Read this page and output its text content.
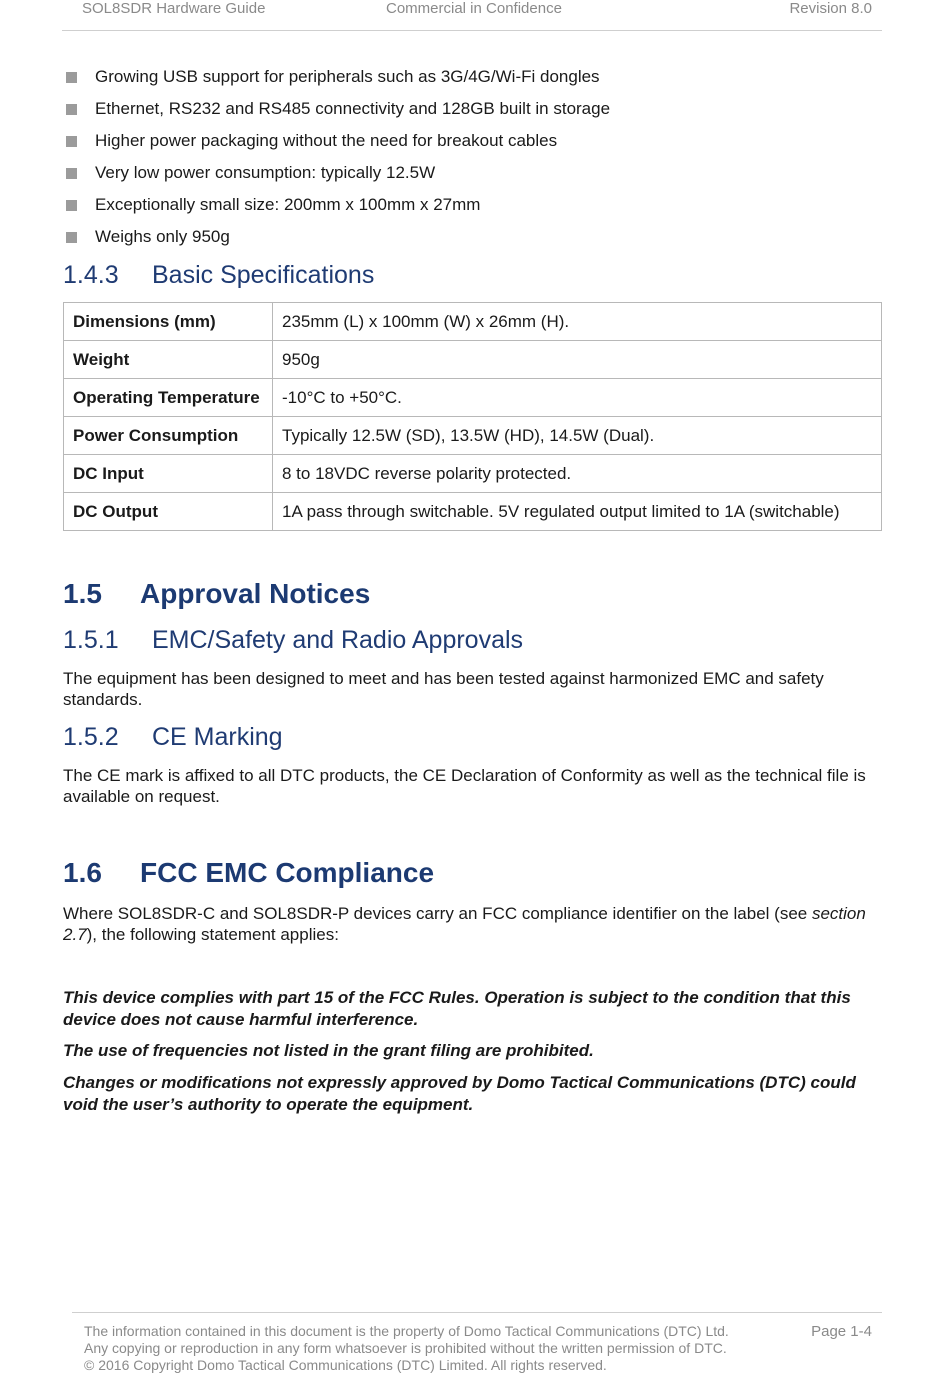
SOL8SDR Hardware Guide	Commercial in Confidence	Revision 8.0
Growing USB support for peripherals such as 3G/4G/Wi-Fi dongles
Ethernet, RS232 and RS485 connectivity and 128GB built in storage
Higher power packaging without the need for breakout cables
Very low power consumption: typically 12.5W
Exceptionally small size: 200mm x 100mm x 27mm
Weighs only 950g
1.4.3 Basic Specifications
Dimensions (mm)	235mm (L) x 100mm (W) x 26mm (H).
Weight	950g
Operating Temperature	-10°C to +50°C.
Power Consumption	Typically 12.5W (SD), 13.5W (HD), 14.5W (Dual).
DC Input	8 to 18VDC reverse polarity protected.
DC Output	1A pass through switchable. 5V regulated output limited to 1A (switchable)
1.5 Approval Notices
1.5.1 EMC/Safety and Radio Approvals

The equipment has been designed to meet and has been tested against harmonized EMC and safety standards.

1.5.2 CE Marking

The CE mark is affixed to all DTC products, the CE Declaration of Conformity as well as the technical file is available on request.

1.6 FCC EMC Compliance

Where SOL8SDR-C and SOL8SDR-P devices carry an FCC compliance identifier on the label (see section 2.7), the following statement applies:

This device complies with part 15 of the FCC Rules. Operation is subject to the condition that this device does not cause harmful interference.

The use of frequencies not listed in the grant filing are prohibited.

Changes or modifications not expressly approved by Domo Tactical Communications (DTC) could void the user’s authority to operate the equipment.

The information contained in this document is the property of Domo Tactical Communications (DTC) Ltd.
Any copying or reproduction in any form whatsoever is prohibited without the written permission of DTC.
© 2016 Copyright Domo Tactical Communications (DTC) Limited. All rights reserved.
Page 1-4
